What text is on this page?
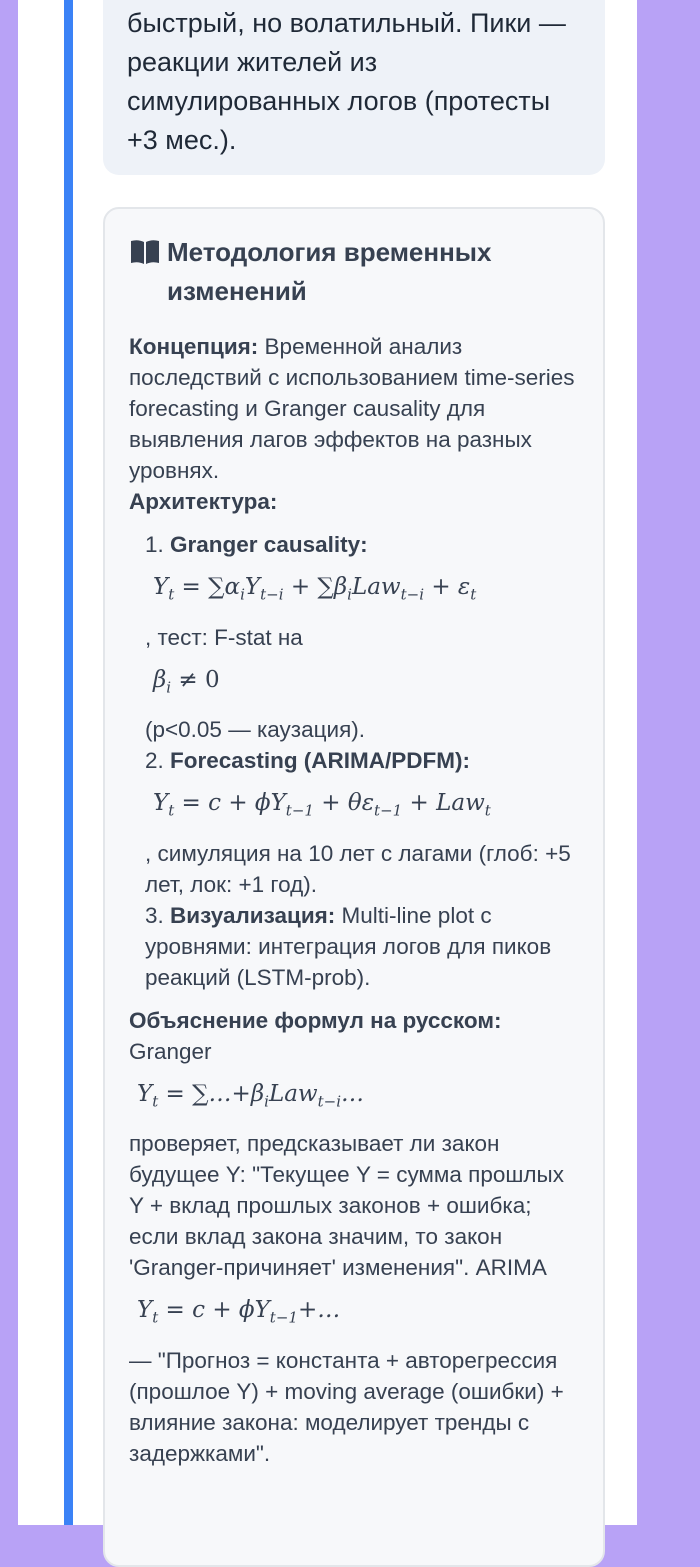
быстрый, но волатильный. Пики — реакции жителей из симулированных логов (протесты +3 мес.).

Методология временных изменений

Концепция: Временной анализ последствий с использованием time-series forecasting и Granger causality для выявления лагов эффектов на разных уровнях.

Архитектура:

1. Granger causality:
$Y_t = \sum\alpha_iY_{t-i} + \sum\beta_iLaw_{t-i} + \varepsilon_t$
, тест: F-stat на
$\beta_i \ne 0$
(p<0.05 — каузация).
2. Forecasting (ARIMA/PDFM):
$Y_t = c + \phi Y_{t-1} + \theta\varepsilon_{t-1} + Law_t$
, симуляция на 10 лет с лагами (глоб: +5 лет, лок: +1 год).
3. Визуализация: Multi-line plot с уровнями: интеграция логов для пиков реакций (LSTM-prob).

Объяснение формул на русском: Granger

$Y_t$ = $\sum\dots+\beta_iLaw_{t-i}\dots$

проверяет, предсказывает ли закон будущее Y: "Текущее Y = сумма прошлых Y + вклад прошлых законов + ошибка; если вклад закона значим, то закон 'Granger-причиняет' изменения". ARIMA

$Y_t = c$ + $\phi Y_{t-1}+\dots$

— "Прогноз = константа + авторегрессия (прошлое Y) + moving average (ошибки) + влияние закона: моделирует тренды с задержками".
